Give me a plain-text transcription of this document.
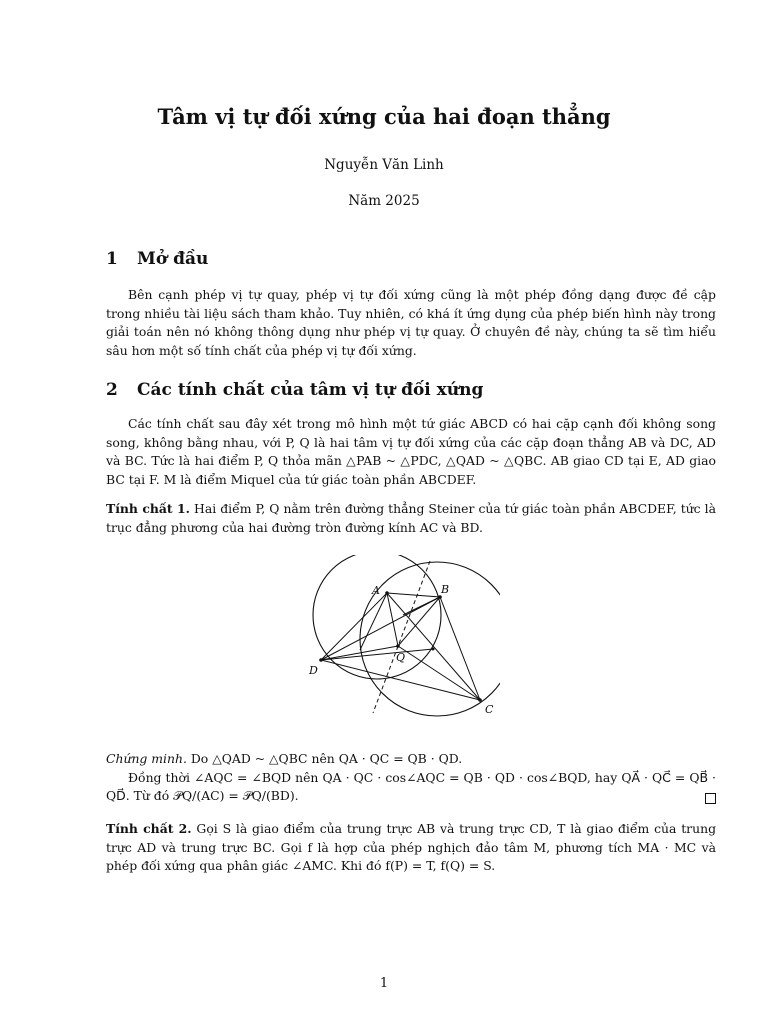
Tâm vị tự đối xứng của hai đoạn thẳng
Nguyễn Văn Linh
Năm 2025
1 Mở đầu
Bên cạnh phép vị tự quay, phép vị tự đối xứng cũng là một phép đồng dạng được đề cập trong nhiều tài liệu sách tham khảo. Tuy nhiên, có khá ít ứng dụng của phép biến hình này trong giải toán nên nó không thông dụng như phép vị tự quay. Ở chuyên đề này, chúng ta sẽ tìm hiểu sâu hơn một số tính chất của phép vị tự đối xứng.
2 Các tính chất của tâm vị tự đối xứng
Các tính chất sau đây xét trong mô hình một tứ giác ABCD có hai cặp cạnh đối không song song, không bằng nhau, với P, Q là hai tâm vị tự đối xứng của các cặp đoạn thẳng AB và DC, AD và BC. Tức là hai điểm P, Q thỏa mãn △PAB ~ △PDC, △QAD ~ △QBC. AB giao CD tại E, AD giao BC tại F. M là điểm Miquel của tứ giác toàn phần ABCDEF.
Tính chất 1. Hai điểm P, Q nằm trên đường thẳng Steiner của tứ giác toàn phần ABCDEF, tức là trục đẳng phương của hai đường tròn đường kính AC và BD.
A	B
C
D
Q
Chứng minh. Do △QAD ~ △QBC nên QA · QC = QB · QD.
Đồng thời ∠AQC = ∠BQD nên QA · QC · cos∠AQC = QB · QD · cos∠BQD, hay QA⃗ · QC⃗ = QB⃗ · QD⃗. Từ đó 𝒫Q/(AC) = 𝒫Q/(BD).
Tính chất 2. Gọi S là giao điểm của trung trực AB và trung trực CD, T là giao điểm của trung trực AD và trung trực BC. Gọi f là hợp của phép nghịch đảo tâm M, phương tích MA · MC và phép đối xứng qua phân giác ∠AMC. Khi đó f(P) = T, f(Q) = S.
1
